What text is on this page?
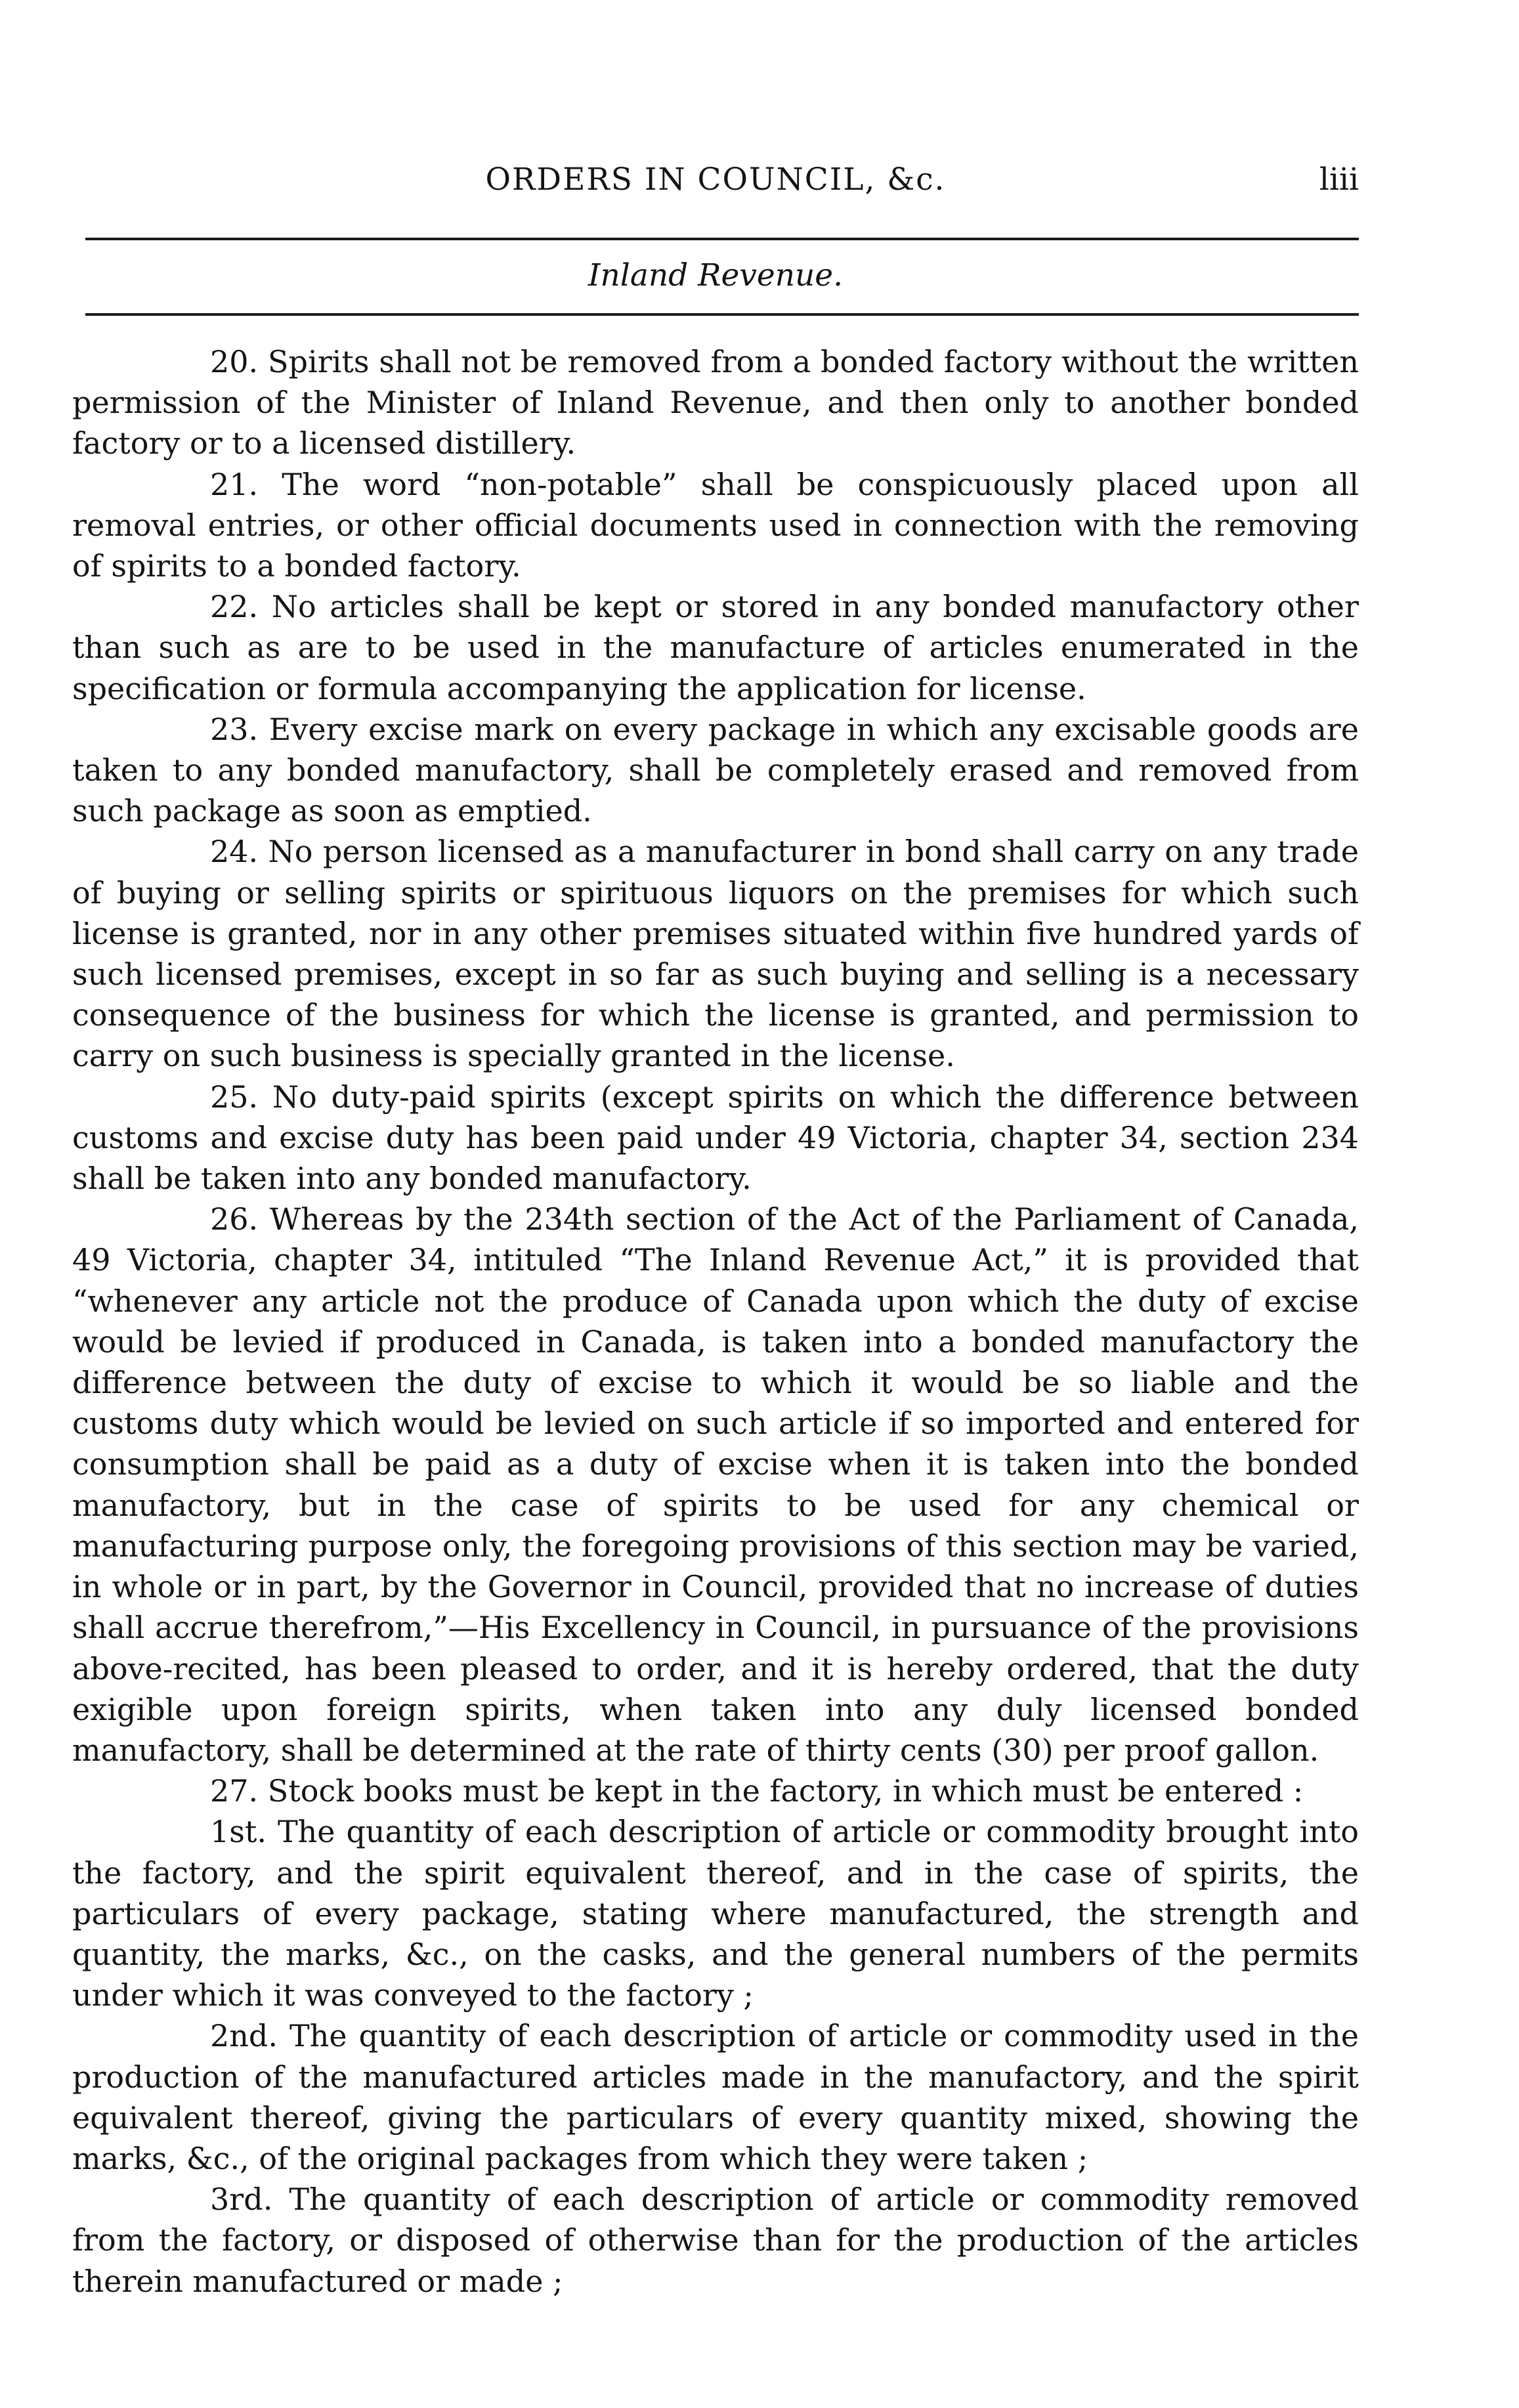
ORDERS IN COUNCIL, &c.	liii
Inland Revenue.

20. Spirits shall not be removed from a bonded factory without the written permission of the Minister of Inland Revenue, and then only to another bonded factory or to a licensed distillery.

21. The word “non-potable” shall be conspicuously placed upon all removal entries, or other official documents used in connection with the removing of spirits to a bonded factory.

22. No articles shall be kept or stored in any bonded manufactory other than such as are to be used in the manufacture of articles enumerated in the specification or formula accompanying the application for license.

23. Every excise mark on every package in which any excisable goods are taken to any bonded manufactory, shall be completely erased and removed from such package as soon as emptied.

24. No person licensed as a manufacturer in bond shall carry on any trade of buying or selling spirits or spirituous liquors on the premises for which such license is granted, nor in any other premises situated within five hundred yards of such licensed premises, except in so far as such buying and selling is a necessary consequence of the business for which the license is granted, and permission to carry on such business is specially granted in the license.

25. No duty-paid spirits (except spirits on which the difference between customs and excise duty has been paid under 49 Victoria, chapter 34, section 234 shall be taken into any bonded manufactory.

26. Whereas by the 234th section of the Act of the Parliament of Canada, 49 Victoria, chapter 34, intituled “The Inland Revenue Act,” it is provided that “whenever any article not the produce of Canada upon which the duty of excise would be levied if produced in Canada, is taken into a bonded manufactory the difference between the duty of excise to which it would be so liable and the customs duty which would be levied on such article if so imported and entered for consumption shall be paid as a duty of excise when it is taken into the bonded manufactory, but in the case of spirits to be used for any chemical or manufacturing purpose only, the foregoing provisions of this section may be varied, in whole or in part, by the Governor in Council, provided that no increase of duties shall accrue therefrom,”—His Excellency in Council, in pursuance of the provisions above-recited, has been pleased to order, and it is hereby ordered, that the duty exigible upon foreign spirits, when taken into any duly licensed bonded manufactory, shall be determined at the rate of thirty cents (30) per proof gallon.

27. Stock books must be kept in the factory, in which must be entered :

1st. The quantity of each description of article or commodity brought into the factory, and the spirit equivalent thereof, and in the case of spirits, the particulars of every package, stating where manufactured, the strength and quantity, the marks, &c., on the casks, and the general numbers of the permits under which it was conveyed to the factory ;

2nd. The quantity of each description of article or commodity used in the production of the manufactured articles made in the manufactory, and the spirit equivalent thereof, giving the particulars of every quantity mixed, showing the marks, &c., of the original packages from which they were taken ;

3rd. The quantity of each description of article or commodity removed from the factory, or disposed of otherwise than for the production of the articles therein manufactured or made ;
